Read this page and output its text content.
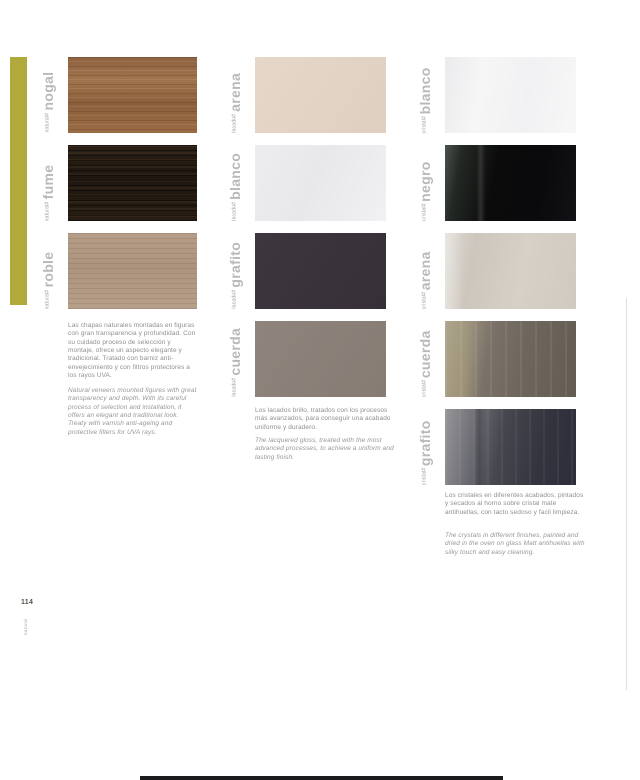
natural#
nogal
natural#
fume
natural#
roble
lacado#
arena
lacado#
blanco
lacado#
grafito
lacado#
cuerda
cristal#
blanco
cristal#
negro
cristal#
arena
cristal#
cuerda
cristal#
grafito

Las chapas naturales montadas en figuras con gran transparencia y profundidad. Con su cuidado proceso de selección y montaje, ofrece un aspecto elegante y tradicional. Tratado con barniz anti-envejecimiento y con filtros protectores a los rayos UVA.

Natural veneers mounted figures with great transparency and depth. With its careful process of selection and installation, it offers an elegant and traditional look. Treaty with varnish anti-ageing and protective filters for UVA rays.

Los lacados brillo, tratados con los procesos más avanzados, para conseguir una acabado uniforme y duradero.

The lacquered gloss, treated with the most advanced processes, to achieve a uniform and lasting finish.

Los cristales en diferentes acabados, pintados y secados al horno sobre cristal mate antihuellas, con tacto sedoso y facil limpieza.

The crystals in different finishes, painted and dried in the oven on glass Matt antihuellas with silky touch and easy cleaning.

114
natural
